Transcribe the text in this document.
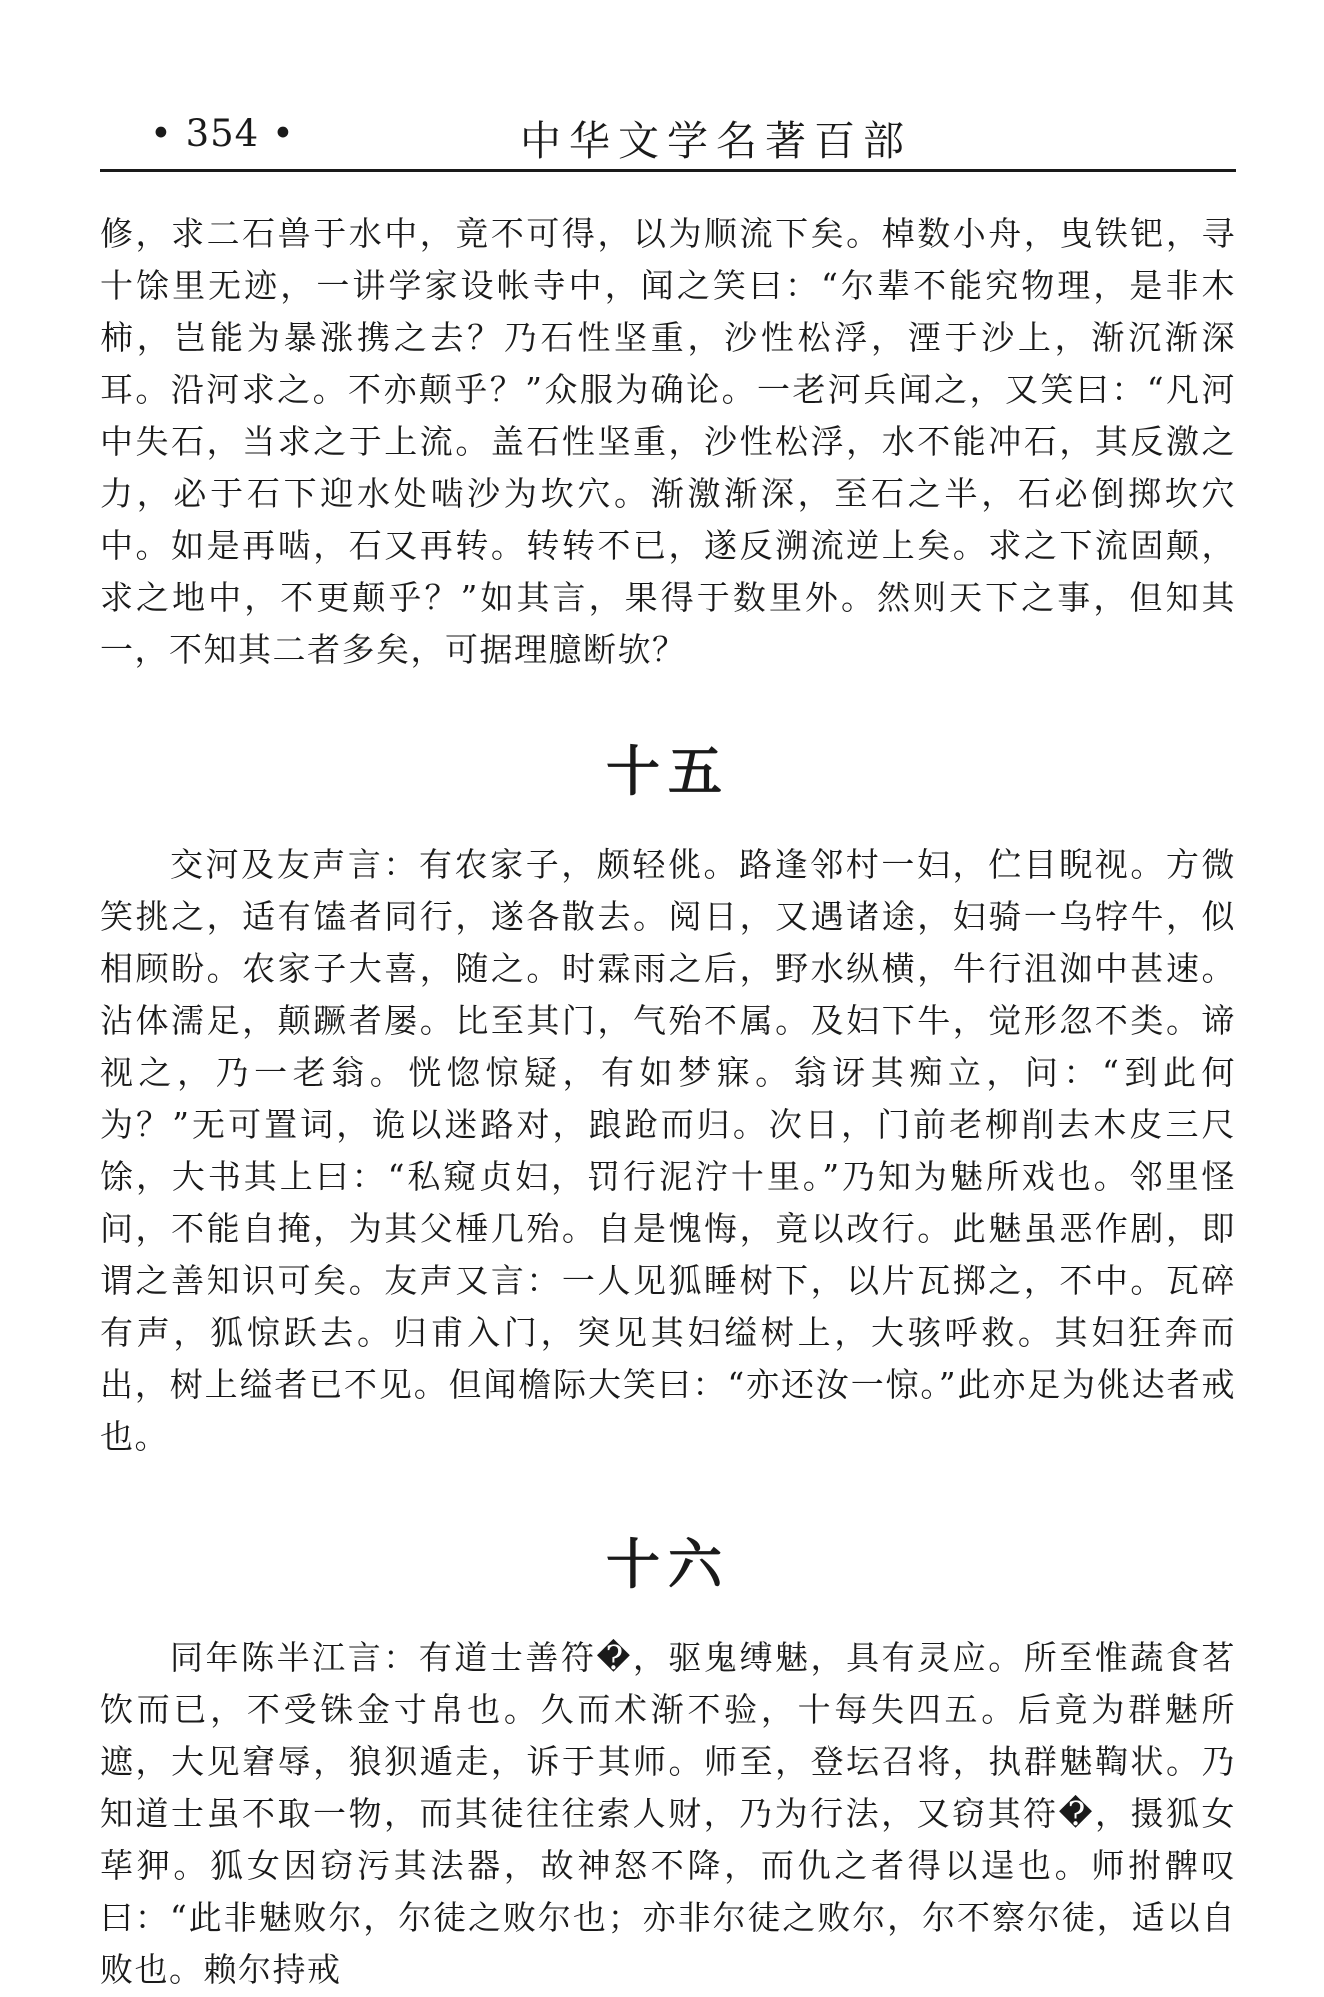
• 354 •	中华文学名著百部

修，求二石兽于水中，竟不可得，以为顺流下矣。棹数小舟，曳铁钯，寻十馀里无迹，一讲学家设帐寺中，闻之笑曰：“尔辈不能究物理，是非木柿，岂能为暴涨携之去？乃石性坚重，沙性松浮，湮于沙上，渐沉渐深耳。沿河求之。不亦颠乎？”众服为确论。一老河兵闻之，又笑曰：“凡河中失石，当求之于上流。盖石性坚重，沙性松浮，水不能冲石，其反激之力，必于石下迎水处啮沙为坎穴。渐激渐深，至石之半，石必倒掷坎穴中。如是再啮，石又再转。转转不已，遂反溯流逆上矣。求之下流固颠，求之地中，不更颠乎？”如其言，果得于数里外。然则天下之事，但知其一，不知其二者多矣，可据理臆断欤？

十五

交河及友声言：有农家子，颇轻佻。路逢邻村一妇，伫目睨视。方微笑挑之，适有馌者同行，遂各散去。阅日，又遇诸途，妇骑一乌牸牛，似相顾盼。农家子大喜，随之。时霖雨之后，野水纵横，牛行沮洳中甚速。沾体濡足，颠蹶者屡。比至其门，气殆不属。及妇下牛，觉形忽不类。谛视之，乃一老翁。恍惚惊疑，有如梦寐。翁讶其痴立，问：“到此何为？”无可置词，诡以迷路对，踉跄而归。次日，门前老柳削去木皮三尺馀，大书其上曰：“私窥贞妇，罚行泥泞十里。”乃知为魅所戏也。邻里怪问，不能自掩，为其父棰几殆。自是愧悔，竟以改行。此魅虽恶作剧，即谓之善知识可矣。友声又言：一人见狐睡树下，以片瓦掷之，不中。瓦碎有声，狐惊跃去。归甫入门，突见其妇缢树上，大骇呼救。其妇狂奔而出，树上缢者已不见。但闻檐际大笑曰：“亦还汝一惊。”此亦足为佻达者戒也。

十六

同年陈半江言：有道士善符�，驱鬼缚魅，具有灵应。所至惟蔬食茗饮而已，不受铢金寸帛也。久而术渐不验，十每失四五。后竟为群魅所遮，大见窘辱，狼狈遁走，诉于其师。师至，登坛召将，执群魅鞫状。乃知道士虽不取一物，而其徒往往索人财，乃为行法，又窃其符�，摄狐女荜狎。狐女因窃污其法器，故神怒不降，而仇之者得以逞也。师拊髀叹曰：“此非魅败尔，尔徒之败尔也；亦非尔徒之败尔，尔不察尔徒，适以自败也。赖尔持戒
